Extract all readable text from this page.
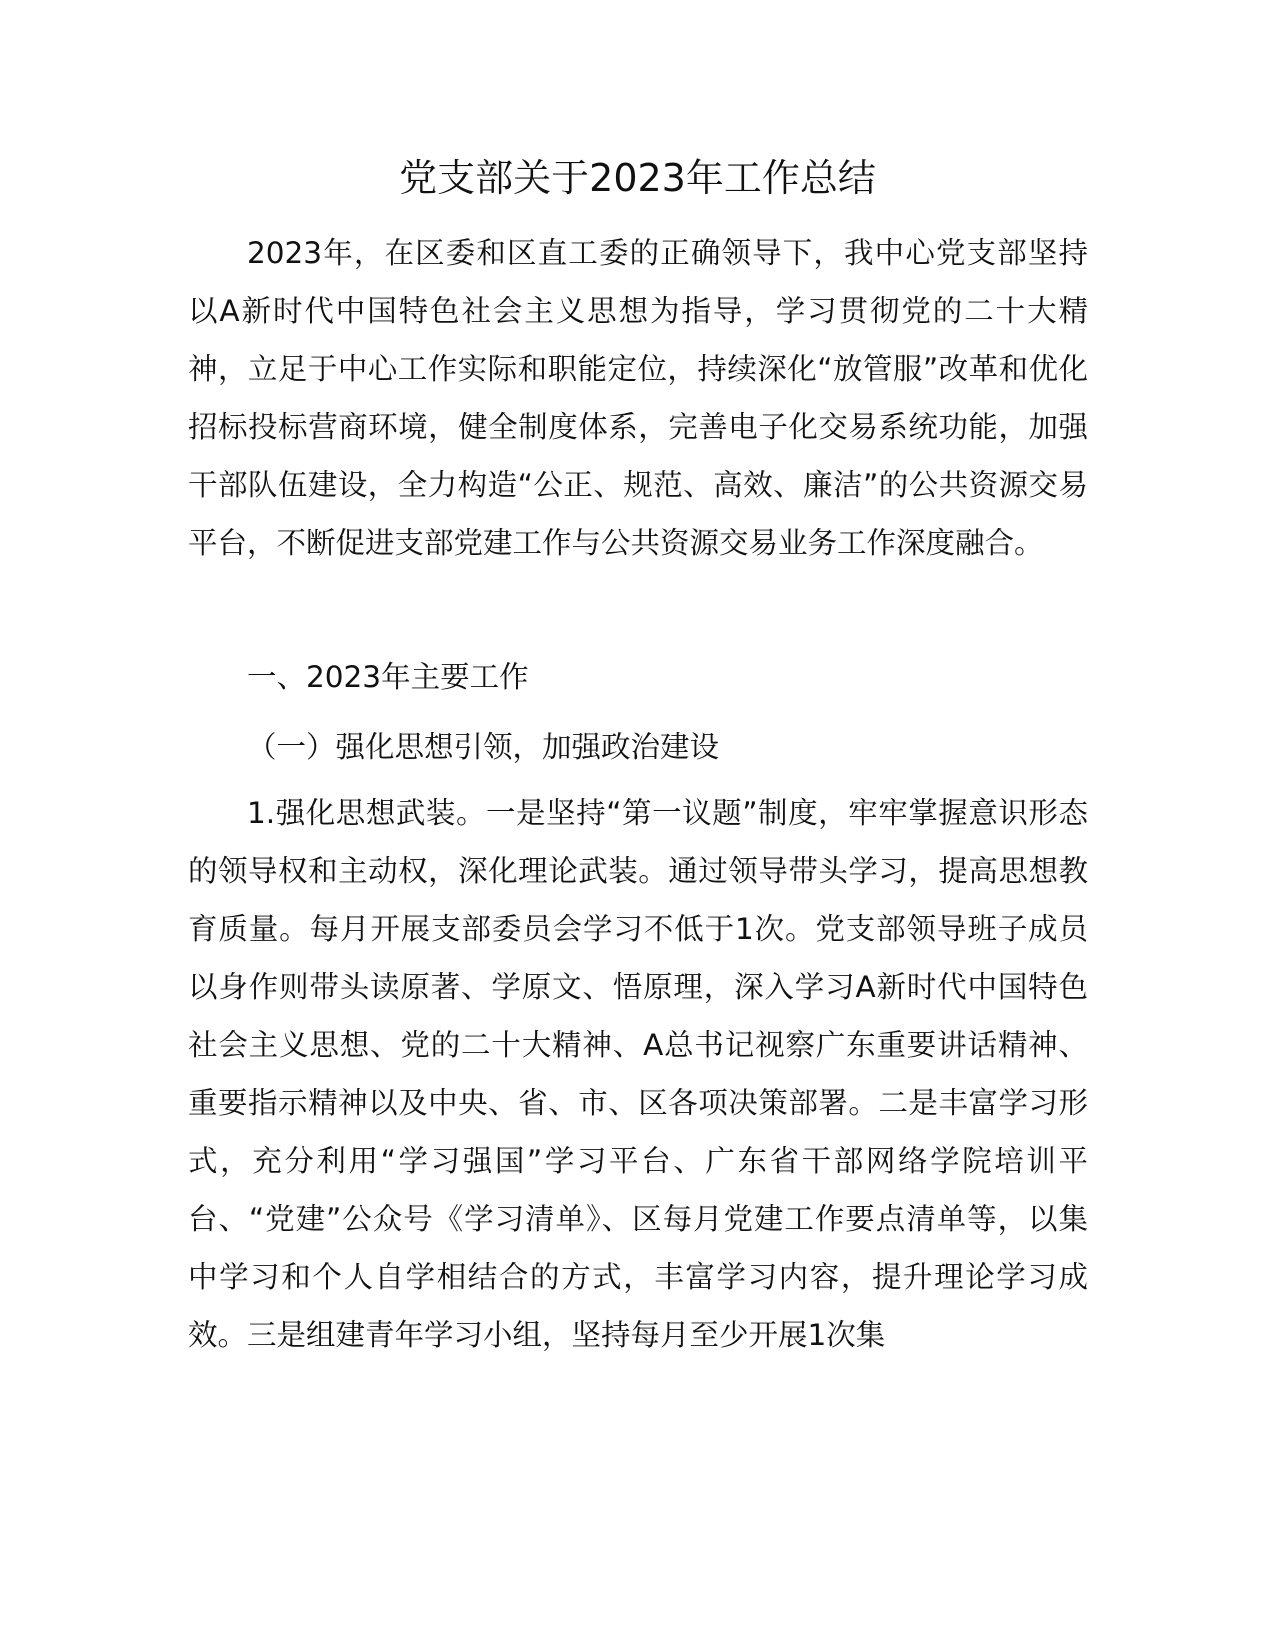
党支部关于2023年工作总结

2023年，在区委和区直工委的正确领导下，我中心党支部坚持以A新时代中国特色社会主义思想为指导，学习贯彻党的二十大精神，立足于中心工作实际和职能定位，持续深化“放管服”改革和优化招标投标营商环境，健全制度体系，完善电子化交易系统功能，加强干部队伍建设，全力构造“公正、规范、高效、廉洁”的公共资源交易平台，不断促进支部党建工作与公共资源交易业务工作深度融合。

一、2023年主要工作

（一）强化思想引领，加强政治建设

1.强化思想武装。一是坚持“第一议题”制度，牢牢掌握意识形态的领导权和主动权，深化理论武装。通过领导带头学习，提高思想教育质量。每月开展支部委员会学习不低于1次。党支部领导班子成员以身作则带头读原著、学原文、悟原理，深入学习A新时代中国特色社会主义思想、党的二十大精神、A总书记视察广东重要讲话精神、重要指示精神以及中央、省、市、区各项决策部署。二是丰富学习形式，充分利用“学习强国”学习平台、广东省干部网络学院培训平台、“党建”公众号《学习清单》、区每月党建工作要点清单等，以集中学习和个人自学相结合的方式，丰富学习内容，提升理论学习成效。三是组建青年学习小组，坚持每月至少开展1次集
